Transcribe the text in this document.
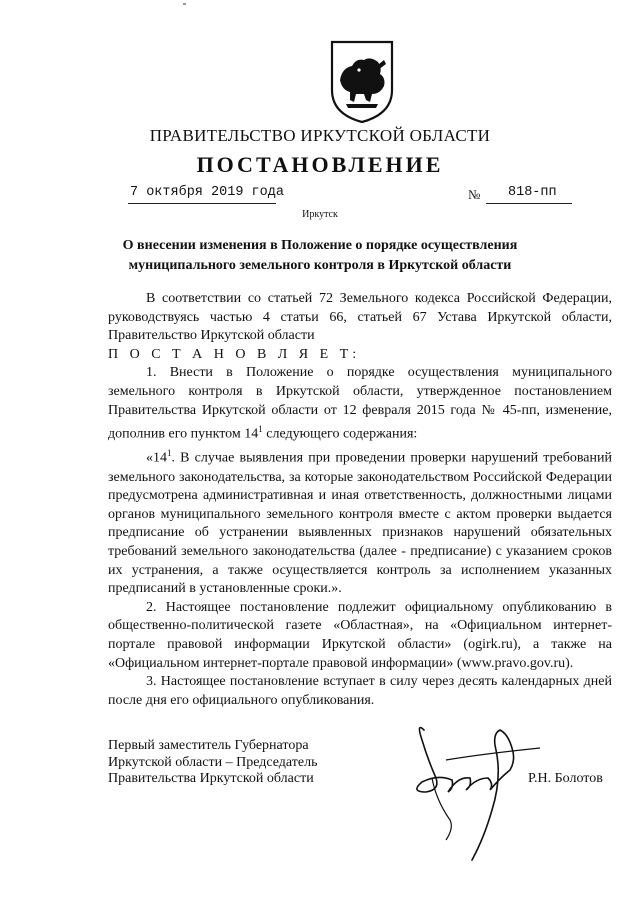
ПРАВИТЕЛЬСТВО ИРКУТСКОЙ ОБЛАСТИ
ПОСТАНОВЛЕНИЕ
7 октября 2019 года	№ 818-пп
Иркутск
О внесении изменения в Положение о порядке осуществления
муниципального земельного контроля в Иркутской области

В соответствии со статьей 72 Земельного кодекса Российской Федерации, руководствуясь частью 4 статьи 66, статьей 67 Устава Иркутской области, Правительство Иркутской области

П О С Т А Н О В Л Я Е Т:

1. Внести в Положение о порядке осуществления муниципального земельного контроля в Иркутской области, утвержденное постановлением Правительства Иркутской области от 12 февраля 2015 года № 45-пп, изменение, дополнив его пунктом $14^1$ следующего содержания:

«$14^1$. В случае выявления при проведении проверки нарушений требований земельного законодательства, за которые законодательством Российской Федерации предусмотрена административная и иная ответственность, должностными лицами органов муниципального земельного контроля вместе с актом проверки выдается предписание об устранении выявленных признаков нарушений обязательных требований земельного законодательства (далее - предписание) с указанием сроков их устранения, а также осуществляется контроль за исполнением указанных предписаний в установленные сроки.».

2. Настоящее постановление подлежит официальному опубликованию в общественно-политической газете «Областная», на «Официальном интернет-портале правовой информации Иркутской области» (ogirk.ru), а также на «Официальном интернет-портале правовой информации» (www.pravo.gov.ru).

3. Настоящее постановление вступает в силу через десять календарных дней после дня его официального опубликования.

Первый заместитель Губернатора
Иркутской области – Председатель
Правительства Иркутской области	Р.Н. Болотов
